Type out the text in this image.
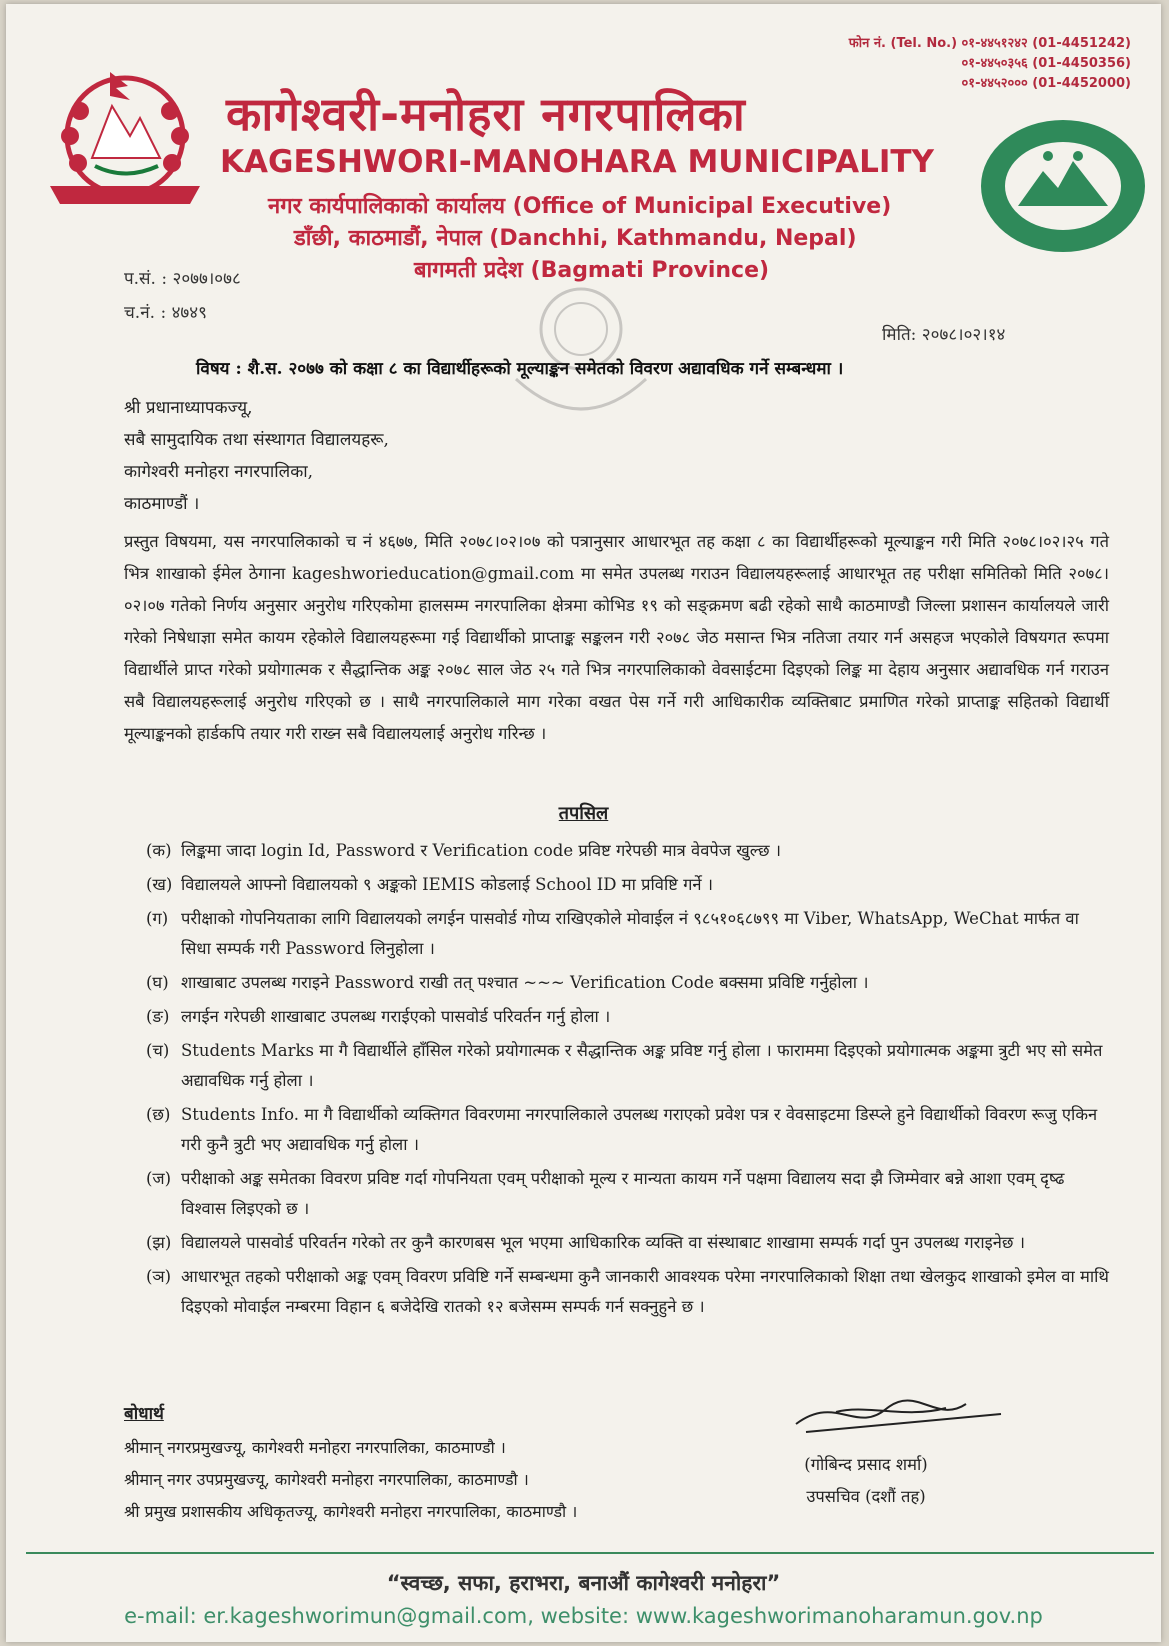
फोन नं. (Tel. No.) ०१-४४५१२४२ (01-4451242)
०१-४४५०३५६ (01-4450356)
०१-४४५२००० (01-4452000)
कागेश्वरी-मनोहरा नगरपालिका
KAGESHWORI-MANOHARA MUNICIPALITY
नगर कार्यपालिकाको कार्यालय (Office of Municipal Executive)
डाँछी, काठमाडौं, नेपाल (Danchhi, Kathmandu, Nepal)
बागमती प्रदेश (Bagmati Province)
प.सं. : २०७७।०७८
च.नं. : ४७४९
मिति: २०७८।०२।१४
विषय : शै.स. २०७७ को कक्षा ८ का विद्यार्थीहरूको मूल्याङ्कन समेतको विवरण अद्यावधिक गर्ने सम्बन्धमा ।
श्री प्रधानाध्यापकज्यू,
सबै सामुदायिक तथा संस्थागत विद्यालयहरू,
कागेश्वरी मनोहरा नगरपालिका,
काठमाण्डौं ।
प्रस्तुत विषयमा, यस नगरपालिकाको च नं ४६७७, मिति २०७८।०२।०७ को पत्रानुसार आधारभूत तह कक्षा ८ का विद्यार्थीहरूको मूल्याङ्कन गरी मिति २०७८।०२।२५ गते भित्र शाखाको ईमेल ठेगाना kageshworieducation@gmail.com मा समेत उपलब्ध गराउन विद्यालयहरूलाई आधारभूत तह परीक्षा समितिको मिति २०७८।०२।०७ गतेको निर्णय अनुसार अनुरोध गरिएकोमा हालसम्म नगरपालिका क्षेत्रमा कोभिड १९ को सङ्क्रमण बढी रहेको साथै काठमाण्डौ जिल्ला प्रशासन कार्यालयले जारी गरेको निषेधाज्ञा समेत कायम रहेकोले विद्यालयहरूमा गई विद्यार्थीको प्राप्ताङ्क सङ्कलन गरी २०७८ जेठ मसान्त भित्र नतिजा तयार गर्न असहज भएकोले विषयगत रूपमा विद्यार्थीले प्राप्त गरेको प्रयोगात्मक र सैद्धान्तिक अङ्क २०७८ साल जेठ २५ गते भित्र नगरपालिकाको वेवसाईटमा दिइएको लिङ्क मा देहाय अनुसार अद्यावधिक गर्न गराउन सबै विद्यालयहरूलाई अनुरोध गरिएको छ । साथै नगरपालिकाले माग गरेका वखत पेस गर्ने गरी आधिकारीक व्यक्तिबाट प्रमाणित गरेको प्राप्ताङ्क सहितको विद्यार्थी मूल्याङ्कनको हार्डकपि तयार गरी राख्न सबै विद्यालयलाई अनुरोध गरिन्छ ।
तपसिल
(क) लिङ्कमा जादा login Id, Password र Verification code प्रविष्ट गरेपछी मात्र वेवपेज खुल्छ ।
(ख) विद्यालयले आफ्नो विद्यालयको ९ अङ्कको IEMIS कोडलाई School ID मा प्रविष्टि गर्ने ।
(ग) परीक्षाको गोपनियताका लागि विद्यालयको लगईन पासवोर्ड गोप्य राखिएकोले मोवाईल नं ९८५१०६८७९९ मा Viber, WhatsApp, WeChat मार्फत वा सिधा सम्पर्क गरी Password लिनुहोला ।
(घ) शाखाबाट उपलब्ध गराइने Password राखी तत् पश्चात ~~~ Verification Code बक्समा प्रविष्टि गर्नुहोला ।
(ङ) लगईन गरेपछी शाखाबाट उपलब्ध गराईएको पासवोर्ड परिवर्तन गर्नु होला ।
(च) Students Marks मा गै विद्यार्थीले हाँसिल गरेको प्रयोगात्मक र सैद्धान्तिक अङ्क प्रविष्ट गर्नु होला । फाराममा दिइएको प्रयोगात्मक अङ्कमा त्रुटी भए सो समेत अद्यावधिक गर्नु होला ।
(छ) Students Info. मा गै विद्यार्थीको व्यक्तिगत विवरणमा नगरपालिकाले उपलब्ध गराएको प्रवेश पत्र र वेवसाइटमा डिस्प्ले हुने विद्यार्थीको विवरण रूजु एकिन गरी कुनै त्रुटी भए अद्यावधिक गर्नु होला ।
(ज) परीक्षाको अङ्क समेतका विवरण प्रविष्ट गर्दा गोपनियता एवम् परीक्षाको मूल्य र मान्यता कायम गर्ने पक्षमा विद्यालय सदा झै जिम्मेवार बन्ने आशा एवम् दृष्ढ विश्वास लिइएको छ ।
(झ) विद्यालयले पासवोर्ड परिवर्तन गरेको तर कुनै कारणबस भूल भएमा आधिकारिक व्यक्ति वा संस्थाबाट शाखामा सम्पर्क गर्दा पुन उपलब्ध गराइनेछ ।
(ञ) आधारभूत तहको परीक्षाको अङ्क एवम् विवरण प्रविष्टि गर्ने सम्बन्धमा कुनै जानकारी आवश्यक परेमा नगरपालिकाको शिक्षा तथा खेलकुद शाखाको इमेल वा माथि दिइएको मोवाईल नम्बरमा विहान ६ बजेदेखि रातको १२ बजेसम्म सम्पर्क गर्न सक्नुहुने छ ।
बोधार्थ
श्रीमान् नगरप्रमुखज्यू, कागेश्वरी मनोहरा नगरपालिका, काठमाण्डौ ।
श्रीमान् नगर उपप्रमुखज्यू, कागेश्वरी मनोहरा नगरपालिका, काठमाण्डौ ।
श्री प्रमुख प्रशासकीय अधिकृतज्यू, कागेश्वरी मनोहरा नगरपालिका, काठमाण्डौ ।
(गोबिन्द प्रसाद शर्मा)
उपसचिव (दशौं तह)
“स्वच्छ, सफा, हराभरा, बनाऔं कागेश्वरी मनोहरा”
e-mail: er.kageshworimun@gmail.com, website: www.kageshworimanoharamun.gov.np
